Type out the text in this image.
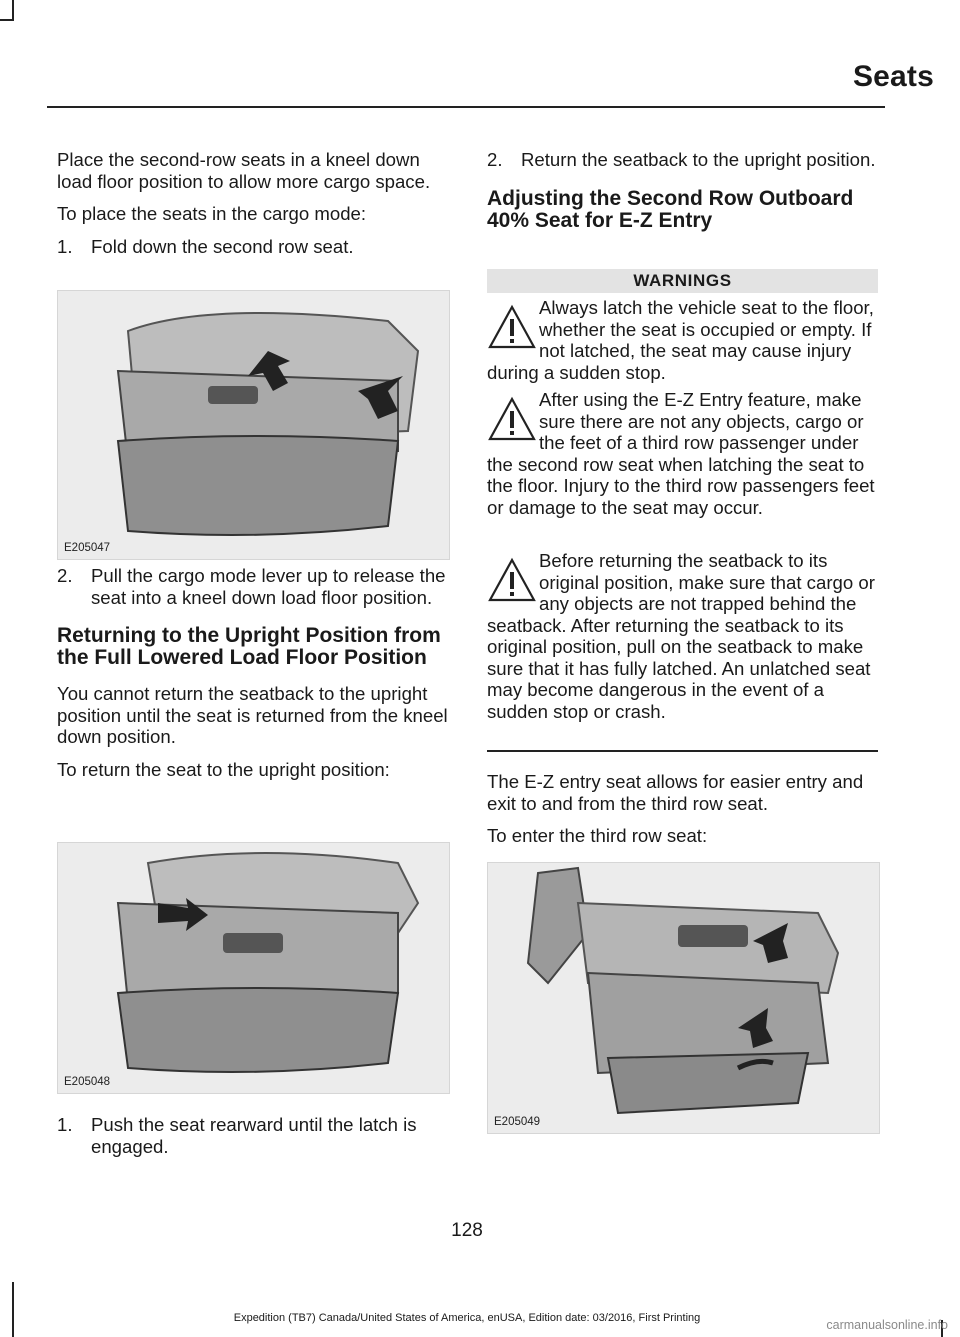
Seats

Place the second-row seats in a kneel down load floor position to allow more cargo space.

To place the seats in the cargo mode:

1. Fold down the second row seat.

E205047

2. Pull the cargo mode lever up to release the seat into a kneel down load floor position.

Returning to the Upright Position from the Full Lowered Load Floor Position

You cannot return the seatback to the upright position until the seat is returned from the kneel down position.

To return the seat to the upright position:

E205048

1. Push the seat rearward until the latch is engaged.

2. Return the seatback to the upright position.

Adjusting the Second Row Outboard 40% Seat for E-Z Entry

WARNINGS
Always latch the vehicle seat to the floor, whether the seat is occupied or empty. If not latched, the seat may cause injury during a sudden stop.
After using the E-Z Entry feature, make sure there are not any objects, cargo or the feet of a third row passenger under the second row seat when latching the seat to the floor. Injury to the third row passengers feet or damage to the seat may occur.
Before returning the seatback to its original position, make sure that cargo or any objects are not trapped behind the seatback. After returning the seatback to its original position, pull on the seatback to make sure that it has fully latched. An unlatched seat may become dangerous in the event of a sudden stop or crash.

The E-Z entry seat allows for easier entry and exit to and from the third row seat.

To enter the third row seat:

E205049
128
Expedition (TB7) Canada/United States of America, enUSA, Edition date: 03/2016, First Printing	carmanualsonline.info
